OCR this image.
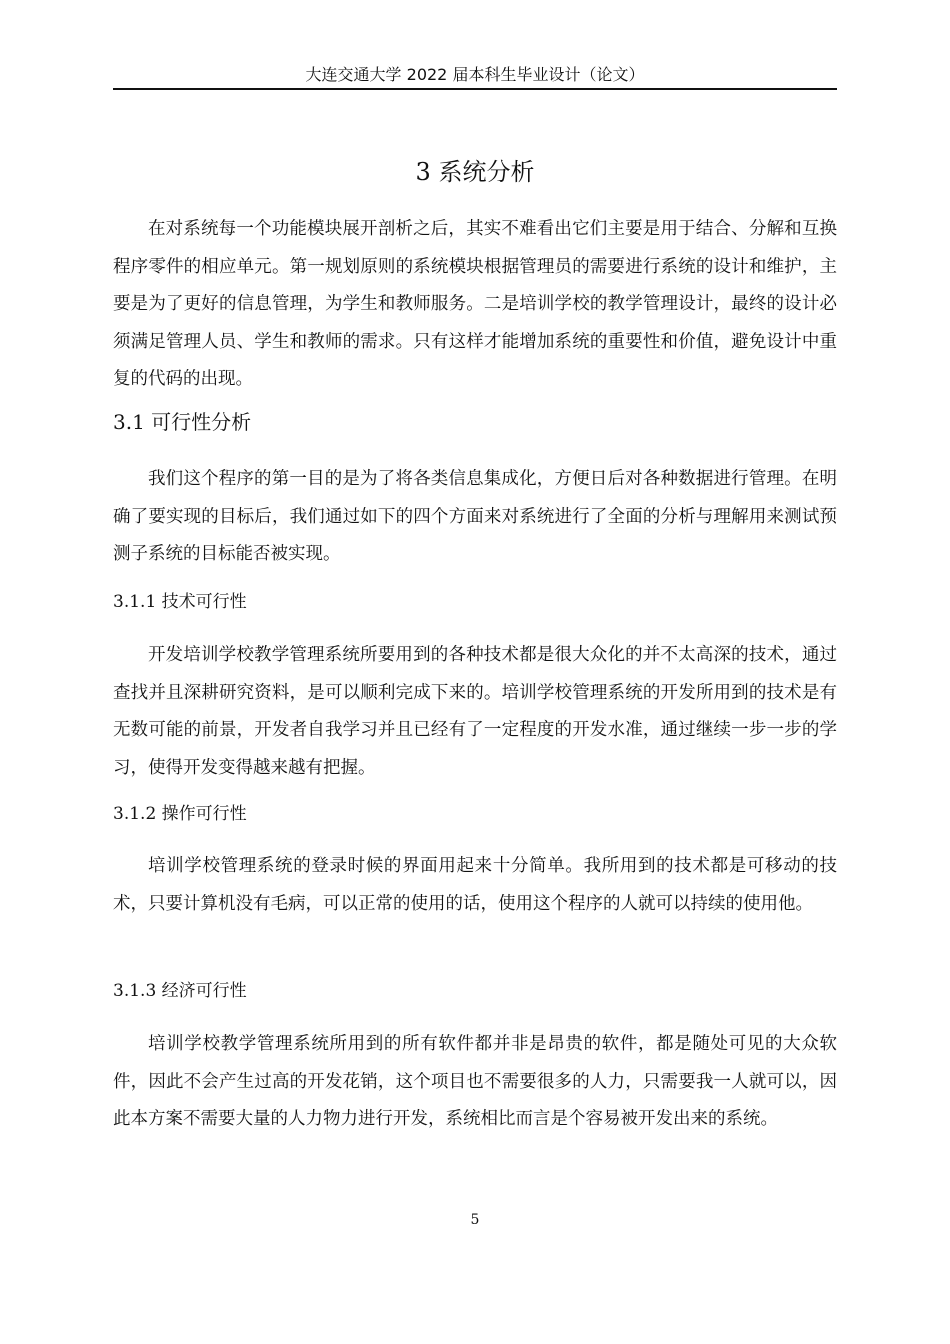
大连交通大学 2022 届本科生毕业设计（论文）
3 系统分析

在对系统每一个功能模块展开剖析之后，其实不难看出它们主要是用于结合、分解和互换程序零件的相应单元。第一规划原则的系统模块根据管理员的需要进行系统的设计和维护，主要是为了更好的信息管理，为学生和教师服务。二是培训学校的教学管理设计，最终的设计必须满足管理人员、学生和教师的需求。只有这样才能增加系统的重要性和价值，避免设计中重复的代码的出现。

3.1 可行性分析

我们这个程序的第一目的是为了将各类信息集成化，方便日后对各种数据进行管理。在明确了要实现的目标后，我们通过如下的四个方面来对系统进行了全面的分析与理解用来测试预测子系统的目标能否被实现。

3.1.1 技术可行性

开发培训学校教学管理系统所要用到的各种技术都是很大众化的并不太高深的技术，通过查找并且深耕研究资料，是可以顺利完成下来的。培训学校管理系统的开发所用到的技术是有无数可能的前景，开发者自我学习并且已经有了一定程度的开发水准，通过继续一步一步的学习，使得开发变得越来越有把握。

3.1.2 操作可行性

培训学校管理系统的登录时候的界面用起来十分简单。我所用到的技术都是可移动的技术，只要计算机没有毛病，可以正常的使用的话，使用这个程序的人就可以持续的使用他。

3.1.3 经济可行性

培训学校教学管理系统所用到的所有软件都并非是昂贵的软件，都是随处可见的大众软件，因此不会产生过高的开发花销，这个项目也不需要很多的人力，只需要我一人就可以，因此本方案不需要大量的人力物力进行开发，系统相比而言是个容易被开发出来的系统。

5
